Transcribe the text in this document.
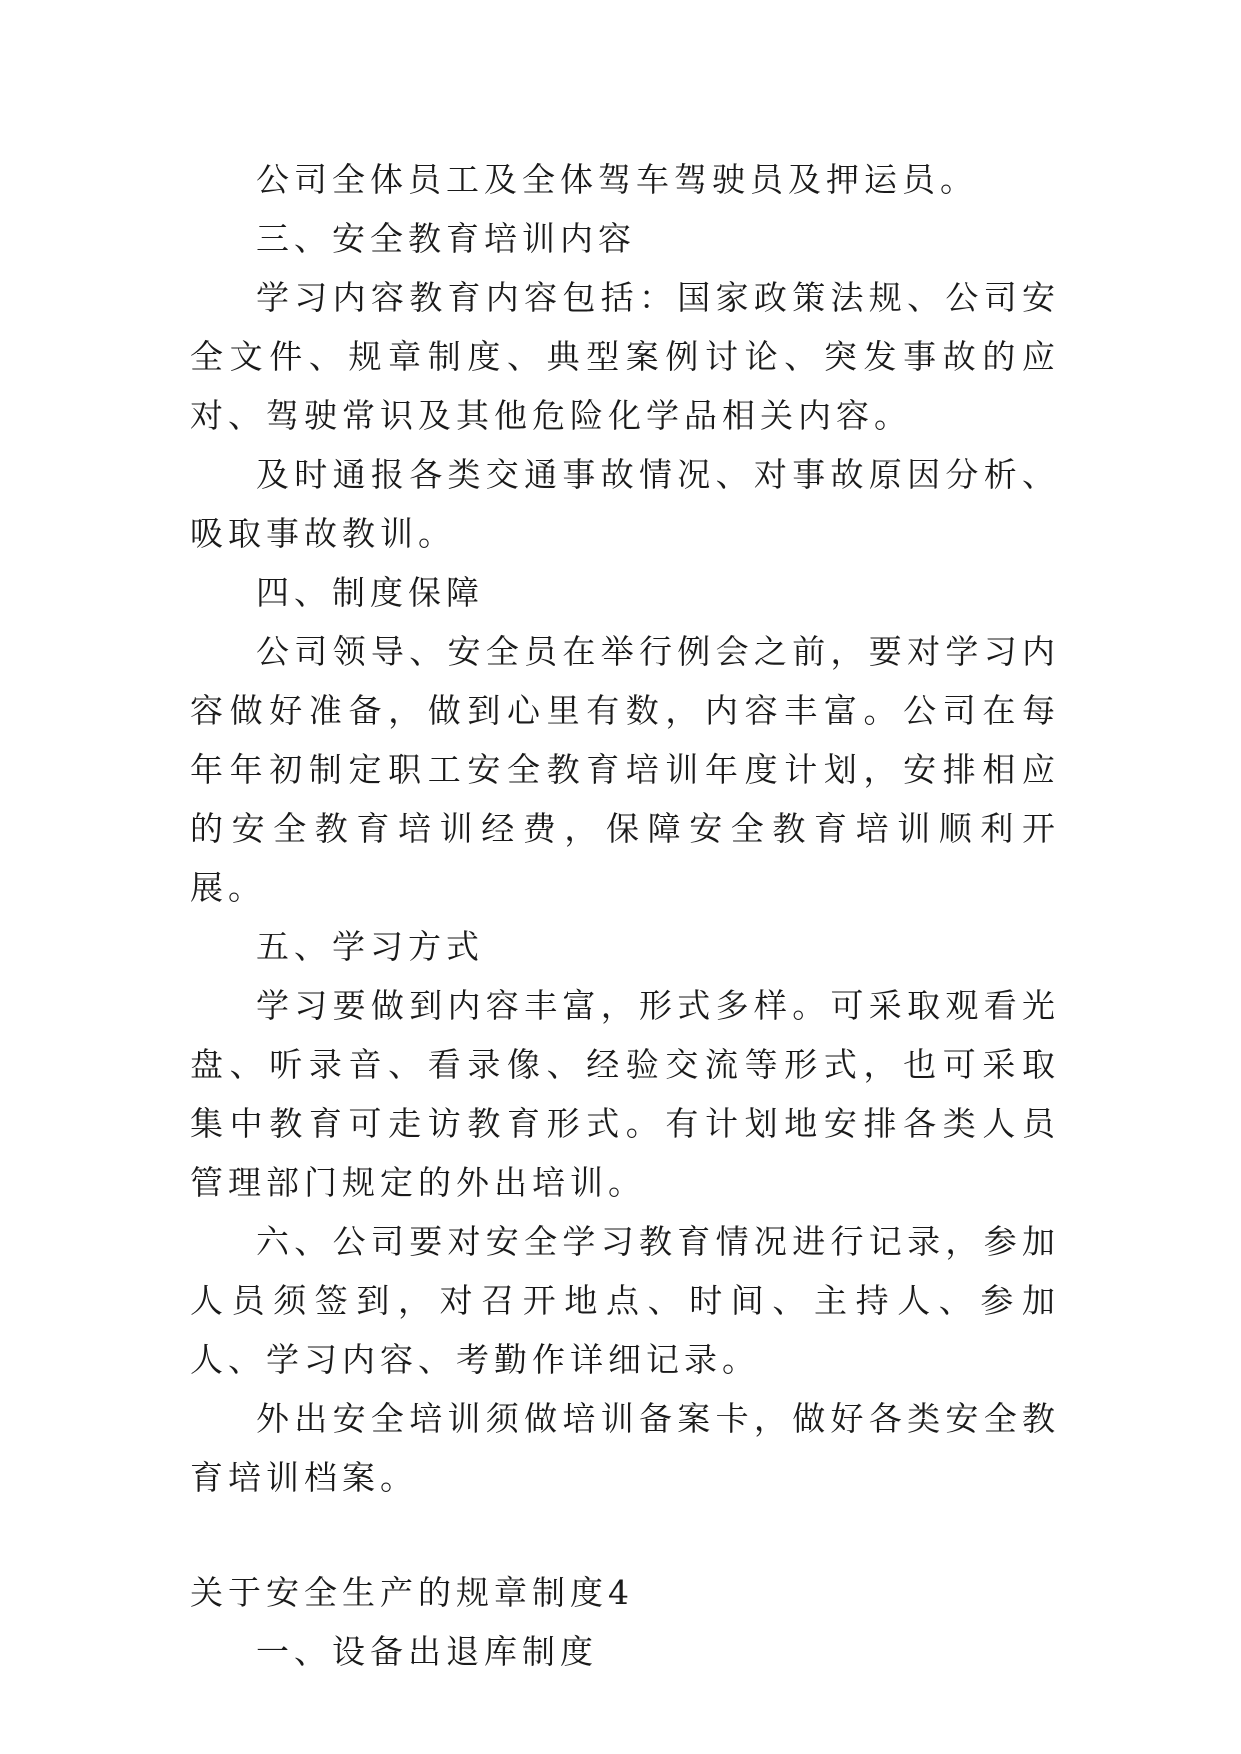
公司全体员工及全体驾车驾驶员及押运员。

三、安全教育培训内容

学习内容教育内容包括：国家政策法规、公司安全文件、规章制度、典型案例讨论、突发事故的应对、驾驶常识及其他危险化学品相关内容。

及时通报各类交通事故情况、对事故原因分析、吸取事故教训。

四、制度保障

公司领导、安全员在举行例会之前，要对学习内容做好准备，做到心里有数，内容丰富。公司在每年年初制定职工安全教育培训年度计划，安排相应的安全教育培训经费，保障安全教育培训顺利开展。

五、学习方式

学习要做到内容丰富，形式多样。可采取观看光盘、听录音、看录像、经验交流等形式，也可采取集中教育可走访教育形式。有计划地安排各类人员管理部门规定的外出培训。

六、公司要对安全学习教育情况进行记录，参加人员须签到，对召开地点、时间、主持人、参加人、学习内容、考勤作详细记录。

外出安全培训须做培训备案卡，做好各类安全教育培训档案。

关于安全生产的规章制度4

一、设备出退库制度
